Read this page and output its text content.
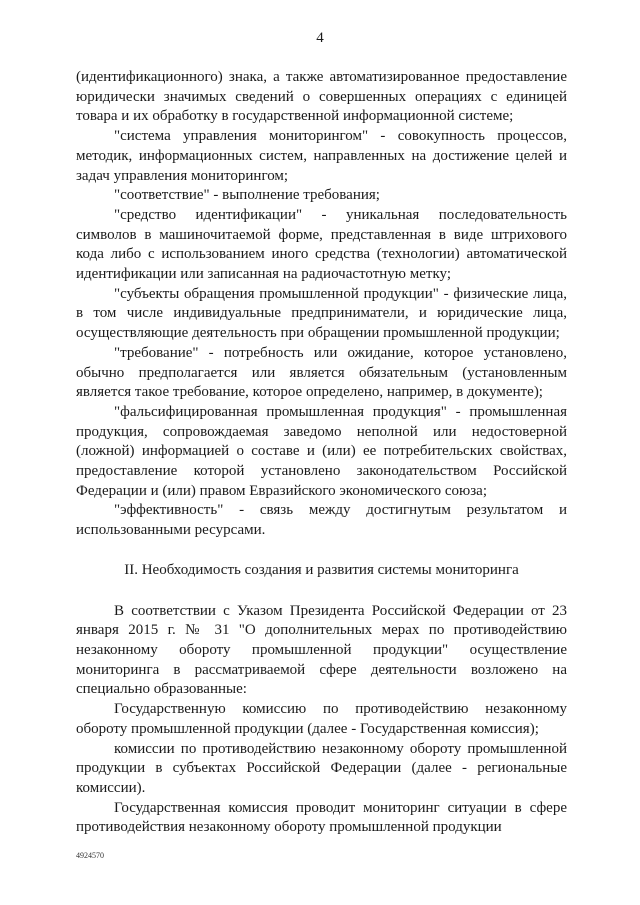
4

(идентификационного) знака, а также автоматизированное предоставление юридически значимых сведений о совершенных операциях с единицей товара и их обработку в государственной информационной системе;

"система управления мониторингом" - совокупность процессов, методик, информационных систем, направленных на достижение целей и задач управления мониторингом;

"соответствие" - выполнение требования;

"средство идентификации" - уникальная последовательность символов в машиночитаемой форме, представленная в виде штрихового кода либо с использованием иного средства (технологии) автоматической идентификации или записанная на радиочастотную метку;

"субъекты обращения промышленной продукции" - физические лица, в том числе индивидуальные предприниматели, и юридические лица, осуществляющие деятельность при обращении промышленной продукции;

"требование" - потребность или ожидание, которое установлено, обычно предполагается или является обязательным (установленным является такое требование, которое определено, например, в документе);

"фальсифицированная промышленная продукция" - промышленная продукция, сопровождаемая заведомо неполной или недостоверной (ложной) информацией о составе и (или) ее потребительских свойствах, предоставление которой установлено законодательством Российской Федерации и (или) правом Евразийского экономического союза;

"эффективность" - связь между достигнутым результатом и использованными ресурсами.

II. Необходимость создания и развития системы мониторинга

В соответствии с Указом Президента Российской Федерации от 23 января 2015 г. № 31 "О дополнительных мерах по противодействию незаконному обороту промышленной продукции" осуществление мониторинга в рассматриваемой сфере деятельности возложено на специально образованные:

Государственную комиссию по противодействию незаконному обороту промышленной продукции (далее - Государственная комиссия);

комиссии по противодействию незаконному обороту промышленной продукции в субъектах Российской Федерации (далее - региональные комиссии).

Государственная комиссия проводит мониторинг ситуации в сфере противодействия незаконному обороту промышленной продукции

4924570
